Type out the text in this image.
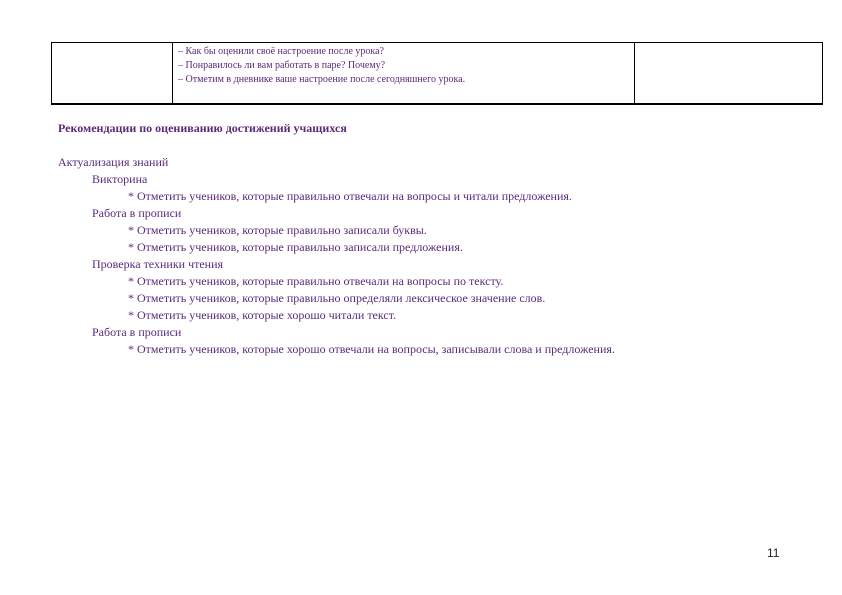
– Как бы оценили своё настроение после урока?
– Понравилось ли вам работать в паре? Почему?
– Отметим в дневнике ваше настроение после сегодняшнего урока.

Рекомендации по оцениванию достижений учащихся
Актуализация знаний
Викторина
* Отметить учеников, которые правильно отвечали на вопросы и читали предложения.
Работа в прописи
* Отметить учеников, которые правильно записали буквы.
* Отметить учеников, которые правильно записали предложения.
Проверка техники чтения
* Отметить учеников, которые правильно отвечали на вопросы по тексту.
* Отметить учеников, которые правильно определяли лексическое значение слов.
* Отметить учеников, которые хорошо читали текст.
Работа в прописи
* Отметить учеников, которые хорошо отвечали на вопросы, записывали слова и предложения.
11
